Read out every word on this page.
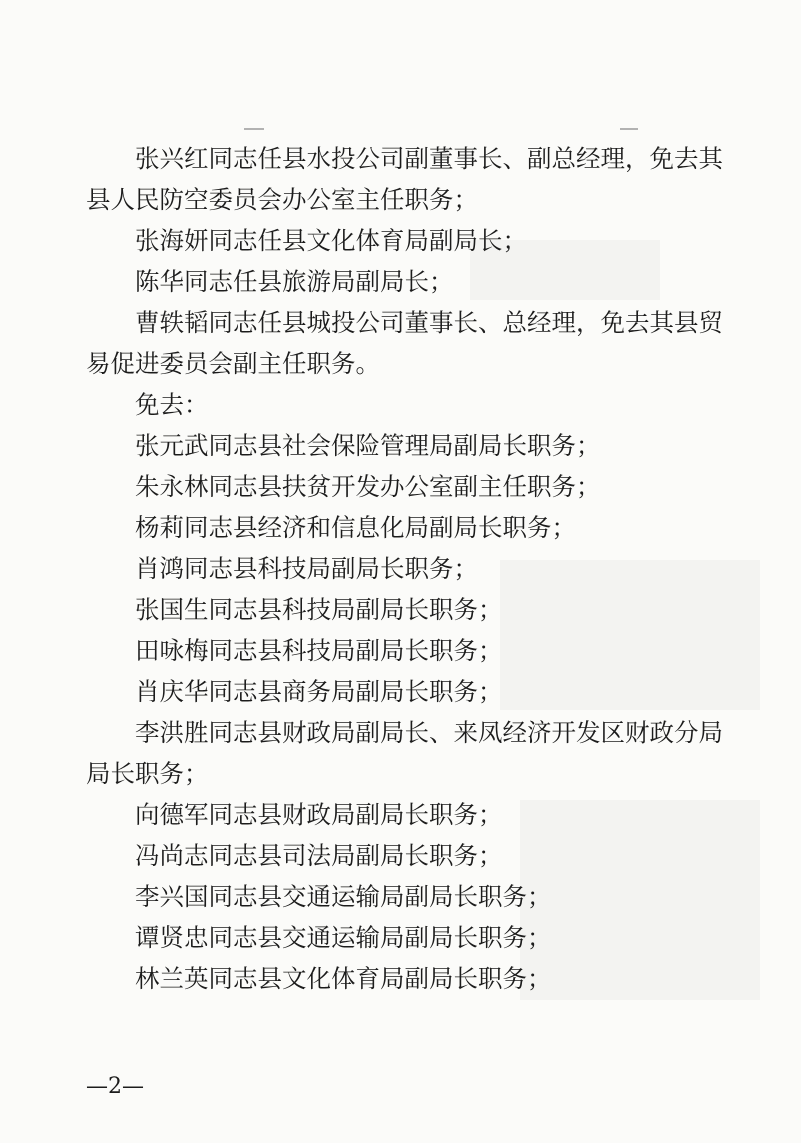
张兴红同志任县水投公司副董事长、副总经理，免去其县人民防空委员会办公室主任职务；

张海妍同志任县文化体育局副局长；

陈华同志任县旅游局副局长；

曹轶韬同志任县城投公司董事长、总经理，免去其县贸易促进委员会副主任职务。

免去：

张元武同志县社会保险管理局副局长职务；

朱永林同志县扶贫开发办公室副主任职务；

杨莉同志县经济和信息化局副局长职务；

肖鸿同志县科技局副局长职务；

张国生同志县科技局副局长职务；

田咏梅同志县科技局副局长职务；

肖庆华同志县商务局副局长职务；

李洪胜同志县财政局副局长、来凤经济开发区财政分局局长职务；

向德军同志县财政局副局长职务；

冯尚志同志县司法局副局长职务；

李兴国同志县交通运输局副局长职务；

谭贤忠同志县交通运输局副局长职务；

林兰英同志县文化体育局副局长职务；

—2—
